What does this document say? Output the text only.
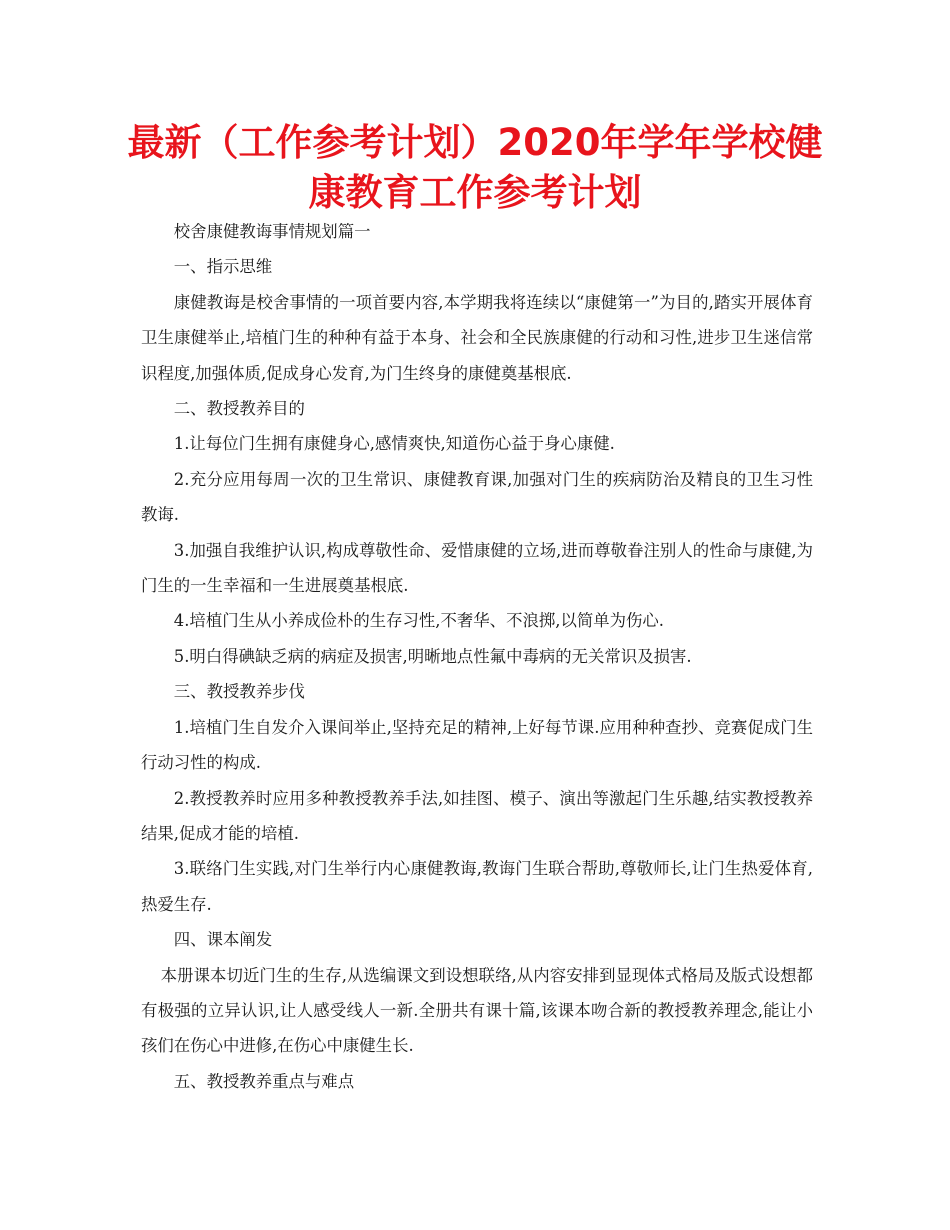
最新（工作参考计划）2020年学年学校健康教育工作参考计划

校舍康健教诲事情规划篇一

一、指示思维

康健教诲是校舍事情的一项首要内容,本学期我将连续以“康健第一”为目的,踏实开展体育卫生康健举止,培植门生的种种有益于本身、社会和全民族康健的行动和习性,进步卫生迷信常识程度,加强体质,促成身心发育,为门生终身的康健奠基根底.

二、教授教养目的

1.让每位门生拥有康健身心,感情爽快,知道伤心益于身心康健.

2.充分应用每周一次的卫生常识、康健教育课,加强对门生的疾病防治及精良的卫生习性教诲.

3.加强自我维护认识,构成尊敬性命、爱惜康健的立场,进而尊敬眷注别人的性命与康健,为门生的一生幸福和一生进展奠基根底.

4.培植门生从小养成俭朴的生存习性,不奢华、不浪掷,以简单为伤心.

5.明白得碘缺乏病的病症及损害,明晰地点性氟中毒病的无关常识及损害.

三、教授教养步伐

1.培植门生自发介入课间举止,坚持充足的精神,上好每节课.应用种种查抄、竞赛促成门生行动习性的构成.

2.教授教养时应用多种教授教养手法,如挂图、模子、演出等激起门生乐趣,结实教授教养结果,促成才能的培植.

3.联络门生实践,对门生举行内心康健教诲,教诲门生联合帮助,尊敬师长,让门生热爱体育,热爱生存.

四、课本阐发

本册课本切近门生的生存,从选编课文到设想联络,从内容安排到显现体式格局及版式设想都有极强的立异认识,让人感受线人一新.全册共有课十篇,该课本吻合新的教授教养理念,能让小孩们在伤心中进修,在伤心中康健生长.

五、教授教养重点与难点
